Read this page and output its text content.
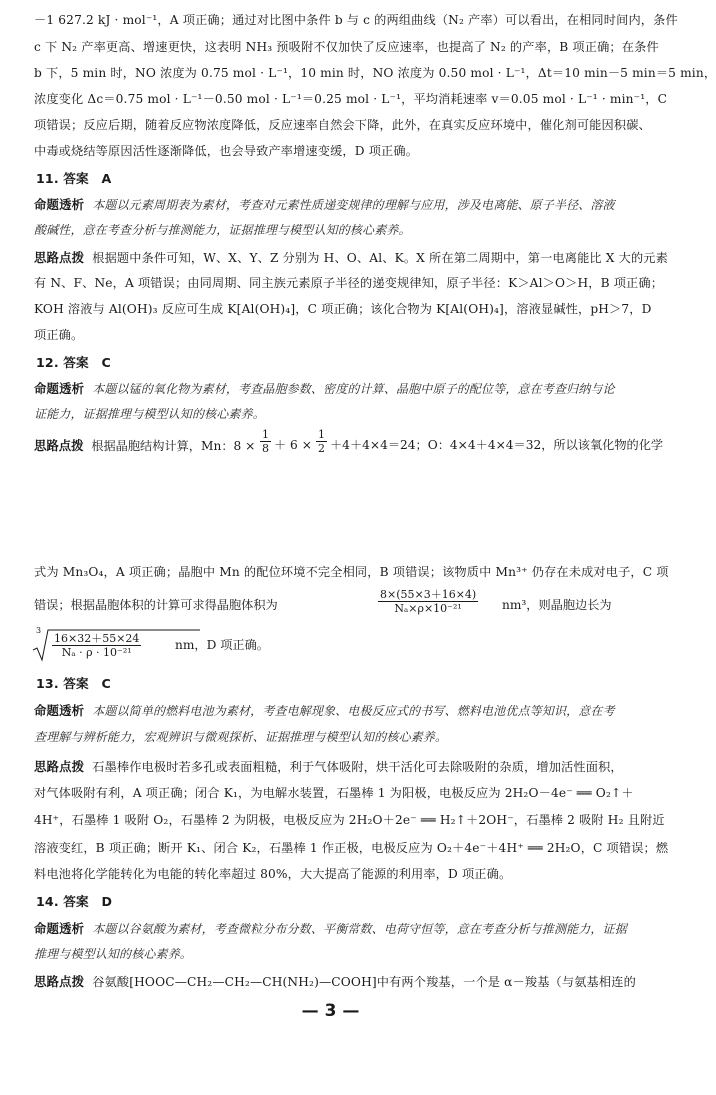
－1 627.2 kJ · mol⁻¹，A 项正确；通过对比图中条件 b 与 c 的两组曲线（N₂ 产率）可以看出，在相同时间内，条件
c 下 N₂ 产率更高、增速更快，这表明 NH₃ 预吸附不仅加快了反应速率，也提高了 N₂ 的产率，B 项正确；在条件
b 下，5 min 时，NO 浓度为 0.75 mol · L⁻¹，10 min 时，NO 浓度为 0.50 mol · L⁻¹，Δt＝10 min－5 min＝5 min，
浓度变化 Δc＝0.75 mol · L⁻¹－0.50 mol · L⁻¹＝0.25 mol · L⁻¹，平均消耗速率 v＝0.05 mol · L⁻¹ · min⁻¹，C
项错误；反应后期，随着反应物浓度降低，反应速率自然会下降，此外，在真实反应环境中，催化剂可能因积碳、
中毒或烧结等原因活性逐渐降低，也会导致产率增速变缓，D 项正确。
11. 答案　A
命题透析 本题以元素周期表为素材，考查对元素性质递变规律的理解与应用，涉及电离能、原子半径、溶液
酸碱性，意在考查分析与推测能力，证据推理与模型认知的核心素养。
思路点拨 根据题中条件可知，W、X、Y、Z 分别为 H、O、Al、K。X 所在第二周期中，第一电离能比 X 大的元素
有 N、F、Ne，A 项错误；由同周期、同主族元素原子半径的递变规律知，原子半径：K＞Al＞O＞H，B 项正确；
KOH 溶液与 Al(OH)₃ 反应可生成 K[Al(OH)₄]，C 项正确；该化合物为 K[Al(OH)₄]，溶液显碱性，pH＞7，D
项正确。
12. 答案　C
命题透析 本题以锰的氧化物为素材，考查晶胞参数、密度的计算、晶胞中原子的配位等，意在考查归纳与论
证能力，证据推理与模型认知的核心素养。
思路点拨 根据晶胞结构计算，Mn：$8 \times \frac{1}{8} + 6 \times \frac{1}{2} +4+4\times 4=24$；O：4×4＋4×4＝32，所以该氧化物的化学
式为 Mn₃O₄，A 项正确；晶胞中 Mn 的配位环境不完全相同，B 项错误；该物质中 Mn³⁺ 仍存在未成对电子，C 项
错误；根据晶胞体积的计算可求得晶胞体积为	$\frac{8\times(55\times 3+16\times 4)}{\text{Nₐ×ρ×10⁻²¹}} nm^3$，则晶胞边长为
3
$\frac{16\times 32+55\times 24}{\text{Nₐ · ρ · 10⁻²¹}}$	nm，D 项正确。
13. 答案　C
命题透析 本题以简单的燃料电池为素材，考查电解现象、电极反应式的书写、燃料电池优点等知识，意在考
查理解与辨析能力，宏观辨识与微观探析、证据推理与模型认知的核心素养。
思路点拨 石墨棒作电极时若多孔或表面粗糙，利于气体吸附，烘干活化可去除吸附的杂质，增加活性面积，
对气体吸附有利，A 项正确；闭合 K₁，为电解水装置，石墨棒 1 为阳极，电极反应为 2H₂O－4e⁻ ══ O₂↑＋
4H⁺，石墨棒 1 吸附 O₂，石墨棒 2 为阴极，电极反应为 2H₂O＋2e⁻ ══ H₂↑＋2OH⁻，石墨棒 2 吸附 H₂ 且附近
溶液变红，B 项正确；断开 K₁、闭合 K₂，石墨棒 1 作正极，电极反应为 O₂＋4e⁻＋4H⁺ ══ 2H₂O，C 项错误；燃
料电池将化学能转化为电能的转化率超过 80%，大大提高了能源的利用率，D 项正确。
14. 答案　D
命题透析 本题以谷氨酸为素材，考查微粒分布分数、平衡常数、电荷守恒等，意在考查分析与推测能力，证据
推理与模型认知的核心素养。
思路点拨 谷氨酸[HOOC—CH₂—CH₂—CH(NH₂)—COOH]中有两个羧基，一个是 α－羧基（与氨基相连的
— 3 —
